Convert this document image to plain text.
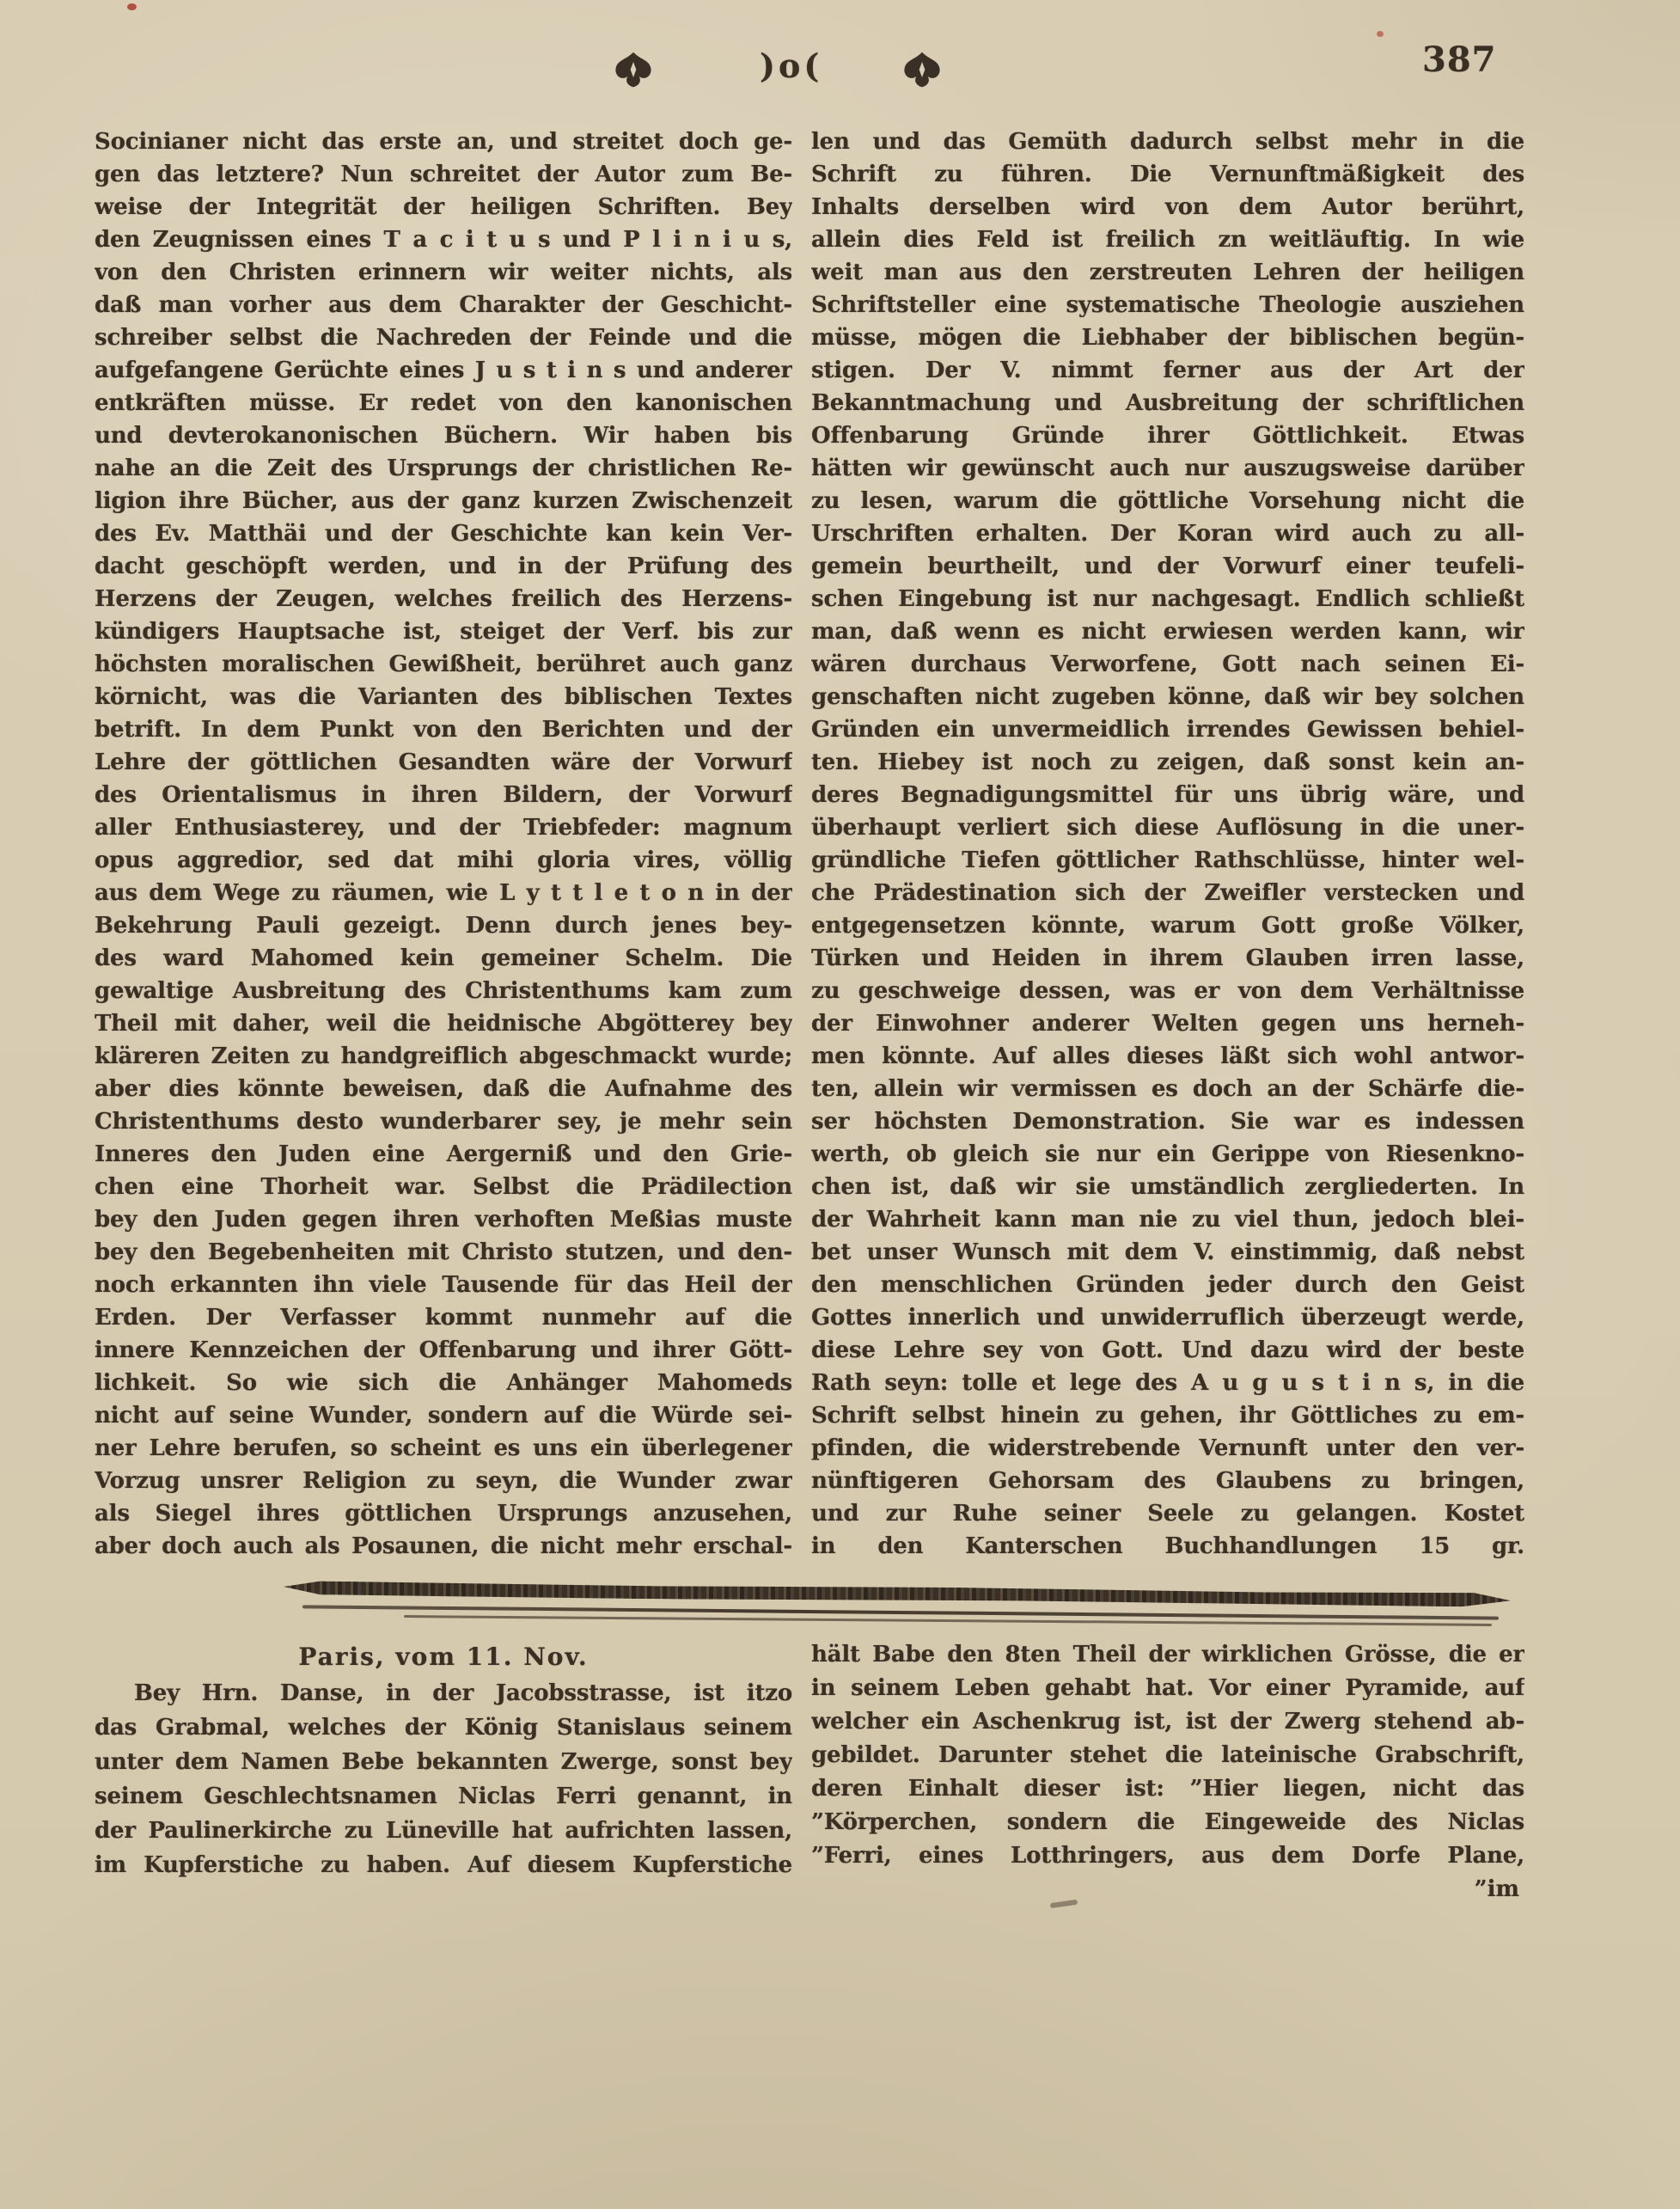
)o(	387
Socinianer nicht das erste an, und streitet doch ge-
gen das letztere? Nun schreitet der Autor zum Be-
weise der Integrität der heiligen Schriften. Bey
den Zeugnissen eines T a c i t u s und P l i n i u s,
von den Christen erinnern wir weiter nichts, als
daß man vorher aus dem Charakter der Geschicht-
schreiber selbst die Nachreden der Feinde und die
aufgefangene Gerüchte eines J u s t i n s und anderer
entkräften müsse. Er redet von den kanonischen
und devterokanonischen Büchern. Wir haben bis
nahe an die Zeit des Ursprungs der christlichen Re-
ligion ihre Bücher, aus der ganz kurzen Zwischenzeit
des Ev. Matthäi und der Geschichte kan kein Ver-
dacht geschöpft werden, und in der Prüfung des
Herzens der Zeugen, welches freilich des Herzens-
kündigers Hauptsache ist, steiget der Verf. bis zur
höchsten moralischen Gewißheit, berühret auch ganz
körnicht, was die Varianten des biblischen Textes
betrift. In dem Punkt von den Berichten und der
Lehre der göttlichen Gesandten wäre der Vorwurf
des Orientalismus in ihren Bildern, der Vorwurf
aller Enthusiasterey, und der Triebfeder: magnum
opus aggredior, sed dat mihi gloria vires, völlig
aus dem Wege zu räumen, wie L y t t l e t o n in der
Bekehrung Pauli gezeigt. Denn durch jenes bey-
des ward Mahomed kein gemeiner Schelm. Die
gewaltige Ausbreitung des Christenthums kam zum
Theil mit daher, weil die heidnische Abgötterey bey
kläreren Zeiten zu handgreiflich abgeschmackt wurde;
aber dies könnte beweisen, daß die Aufnahme des
Christenthums desto wunderbarer sey, je mehr sein
Inneres den Juden eine Aergerniß und den Grie-
chen eine Thorheit war. Selbst die Prädilection
bey den Juden gegen ihren verhoften Meßias muste
bey den Begebenheiten mit Christo stutzen, und den-
noch erkannten ihn viele Tausende für das Heil der
Erden. Der Verfasser kommt nunmehr auf die
innere Kennzeichen der Offenbarung und ihrer Gött-
lichkeit. So wie sich die Anhänger Mahomeds
nicht auf seine Wunder, sondern auf die Würde sei-
ner Lehre berufen, so scheint es uns ein überlegener
Vorzug unsrer Religion zu seyn, die Wunder zwar
als Siegel ihres göttlichen Ursprungs anzusehen,
aber doch auch als Posaunen, die nicht mehr erschal-
len und das Gemüth dadurch selbst mehr in die
Schrift zu führen. Die Vernunftmäßigkeit des
Inhalts derselben wird von dem Autor berührt,
allein dies Feld ist freilich zn weitläuftig. In wie
weit man aus den zerstreuten Lehren der heiligen
Schriftsteller eine systematische Theologie ausziehen
müsse, mögen die Liebhaber der biblischen begün-
stigen. Der V. nimmt ferner aus der Art der
Bekanntmachung und Ausbreitung der schriftlichen
Offenbarung Gründe ihrer Göttlichkeit. Etwas
hätten wir gewünscht auch nur auszugsweise darüber
zu lesen, warum die göttliche Vorsehung nicht die
Urschriften erhalten. Der Koran wird auch zu all-
gemein beurtheilt, und der Vorwurf einer teufeli-
schen Eingebung ist nur nachgesagt. Endlich schließt
man, daß wenn es nicht erwiesen werden kann, wir
wären durchaus Verworfene, Gott nach seinen Ei-
genschaften nicht zugeben könne, daß wir bey solchen
Gründen ein unvermeidlich irrendes Gewissen behiel-
ten. Hiebey ist noch zu zeigen, daß sonst kein an-
deres Begnadigungsmittel für uns übrig wäre, und
überhaupt verliert sich diese Auflösung in die uner-
gründliche Tiefen göttlicher Rathschlüsse, hinter wel-
che Prädestination sich der Zweifler verstecken und
entgegensetzen könnte, warum Gott große Völker,
Türken und Heiden in ihrem Glauben irren lasse,
zu geschweige dessen, was er von dem Verhältnisse
der Einwohner anderer Welten gegen uns herneh-
men könnte. Auf alles dieses läßt sich wohl antwor-
ten, allein wir vermissen es doch an der Schärfe die-
ser höchsten Demonstration. Sie war es indessen
werth, ob gleich sie nur ein Gerippe von Riesenkno-
chen ist, daß wir sie umständlich zergliederten. In
der Wahrheit kann man nie zu viel thun, jedoch blei-
bet unser Wunsch mit dem V. einstimmig, daß nebst
den menschlichen Gründen jeder durch den Geist
Gottes innerlich und unwiderruflich überzeugt werde,
diese Lehre sey von Gott. Und dazu wird der beste
Rath seyn: tolle et lege des A u g u s t i n s, in die
Schrift selbst hinein zu gehen, ihr Göttliches zu em-
pfinden, die widerstrebende Vernunft unter den ver-
nünftigeren Gehorsam des Glaubens zu bringen,
und zur Ruhe seiner Seele zu gelangen. Kostet
in den Kanterschen Buchhandlungen 15 gr.
Paris, vom 11. Nov.
Bey Hrn. Danse, in der Jacobsstrasse, ist itzo
das Grabmal, welches der König Stanislaus seinem
unter dem Namen Bebe bekannten Zwerge, sonst bey
seinem Geschlechtsnamen Niclas Ferri genannt, in
der Paulinerkirche zu Lüneville hat aufrichten lassen,
im Kupferstiche zu haben. Auf diesem Kupferstiche
hält Babe den 8ten Theil der wirklichen Grösse, die er
in seinem Leben gehabt hat. Vor einer Pyramide, auf
welcher ein Aschenkrug ist, ist der Zwerg stehend ab-
gebildet. Darunter stehet die lateinische Grabschrift,
deren Einhalt dieser ist: ”Hier liegen, nicht das
”Körperchen, sondern die Eingeweide des Niclas
”Ferri, eines Lotthringers, aus dem Dorfe Plane,
”im
